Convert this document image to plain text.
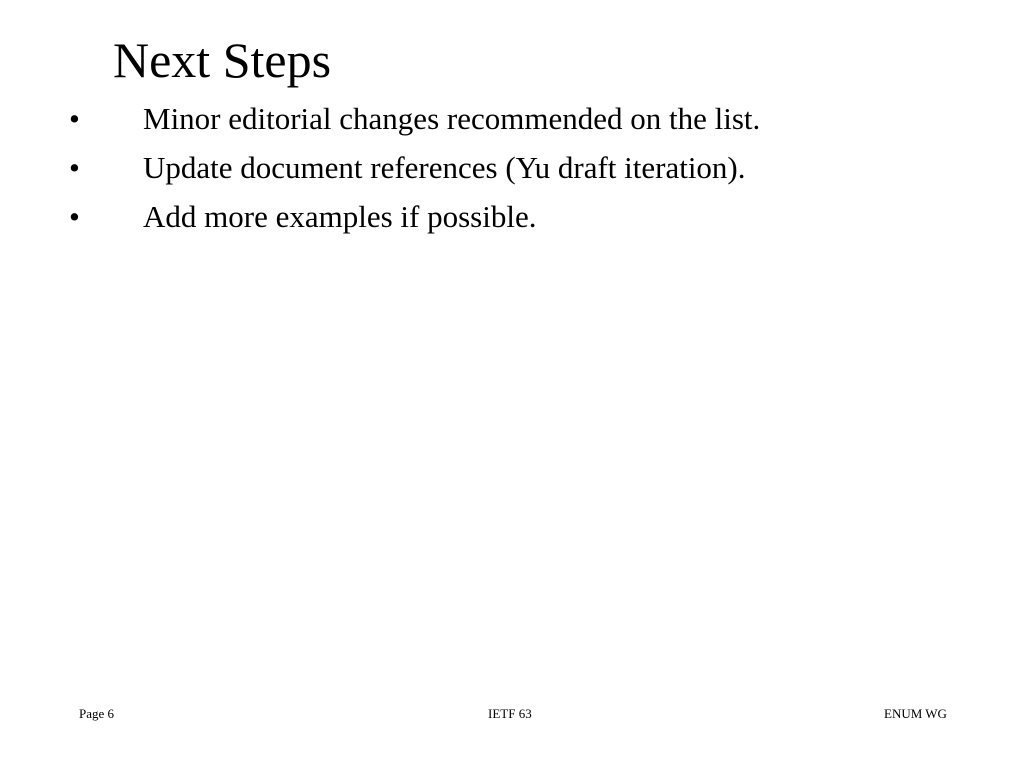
Next Steps
• Minor editorial changes recommended on the list.
• Update document references (Yu draft iteration).
• Add more examples if possible.
Page 6	IETF 63	ENUM WG
